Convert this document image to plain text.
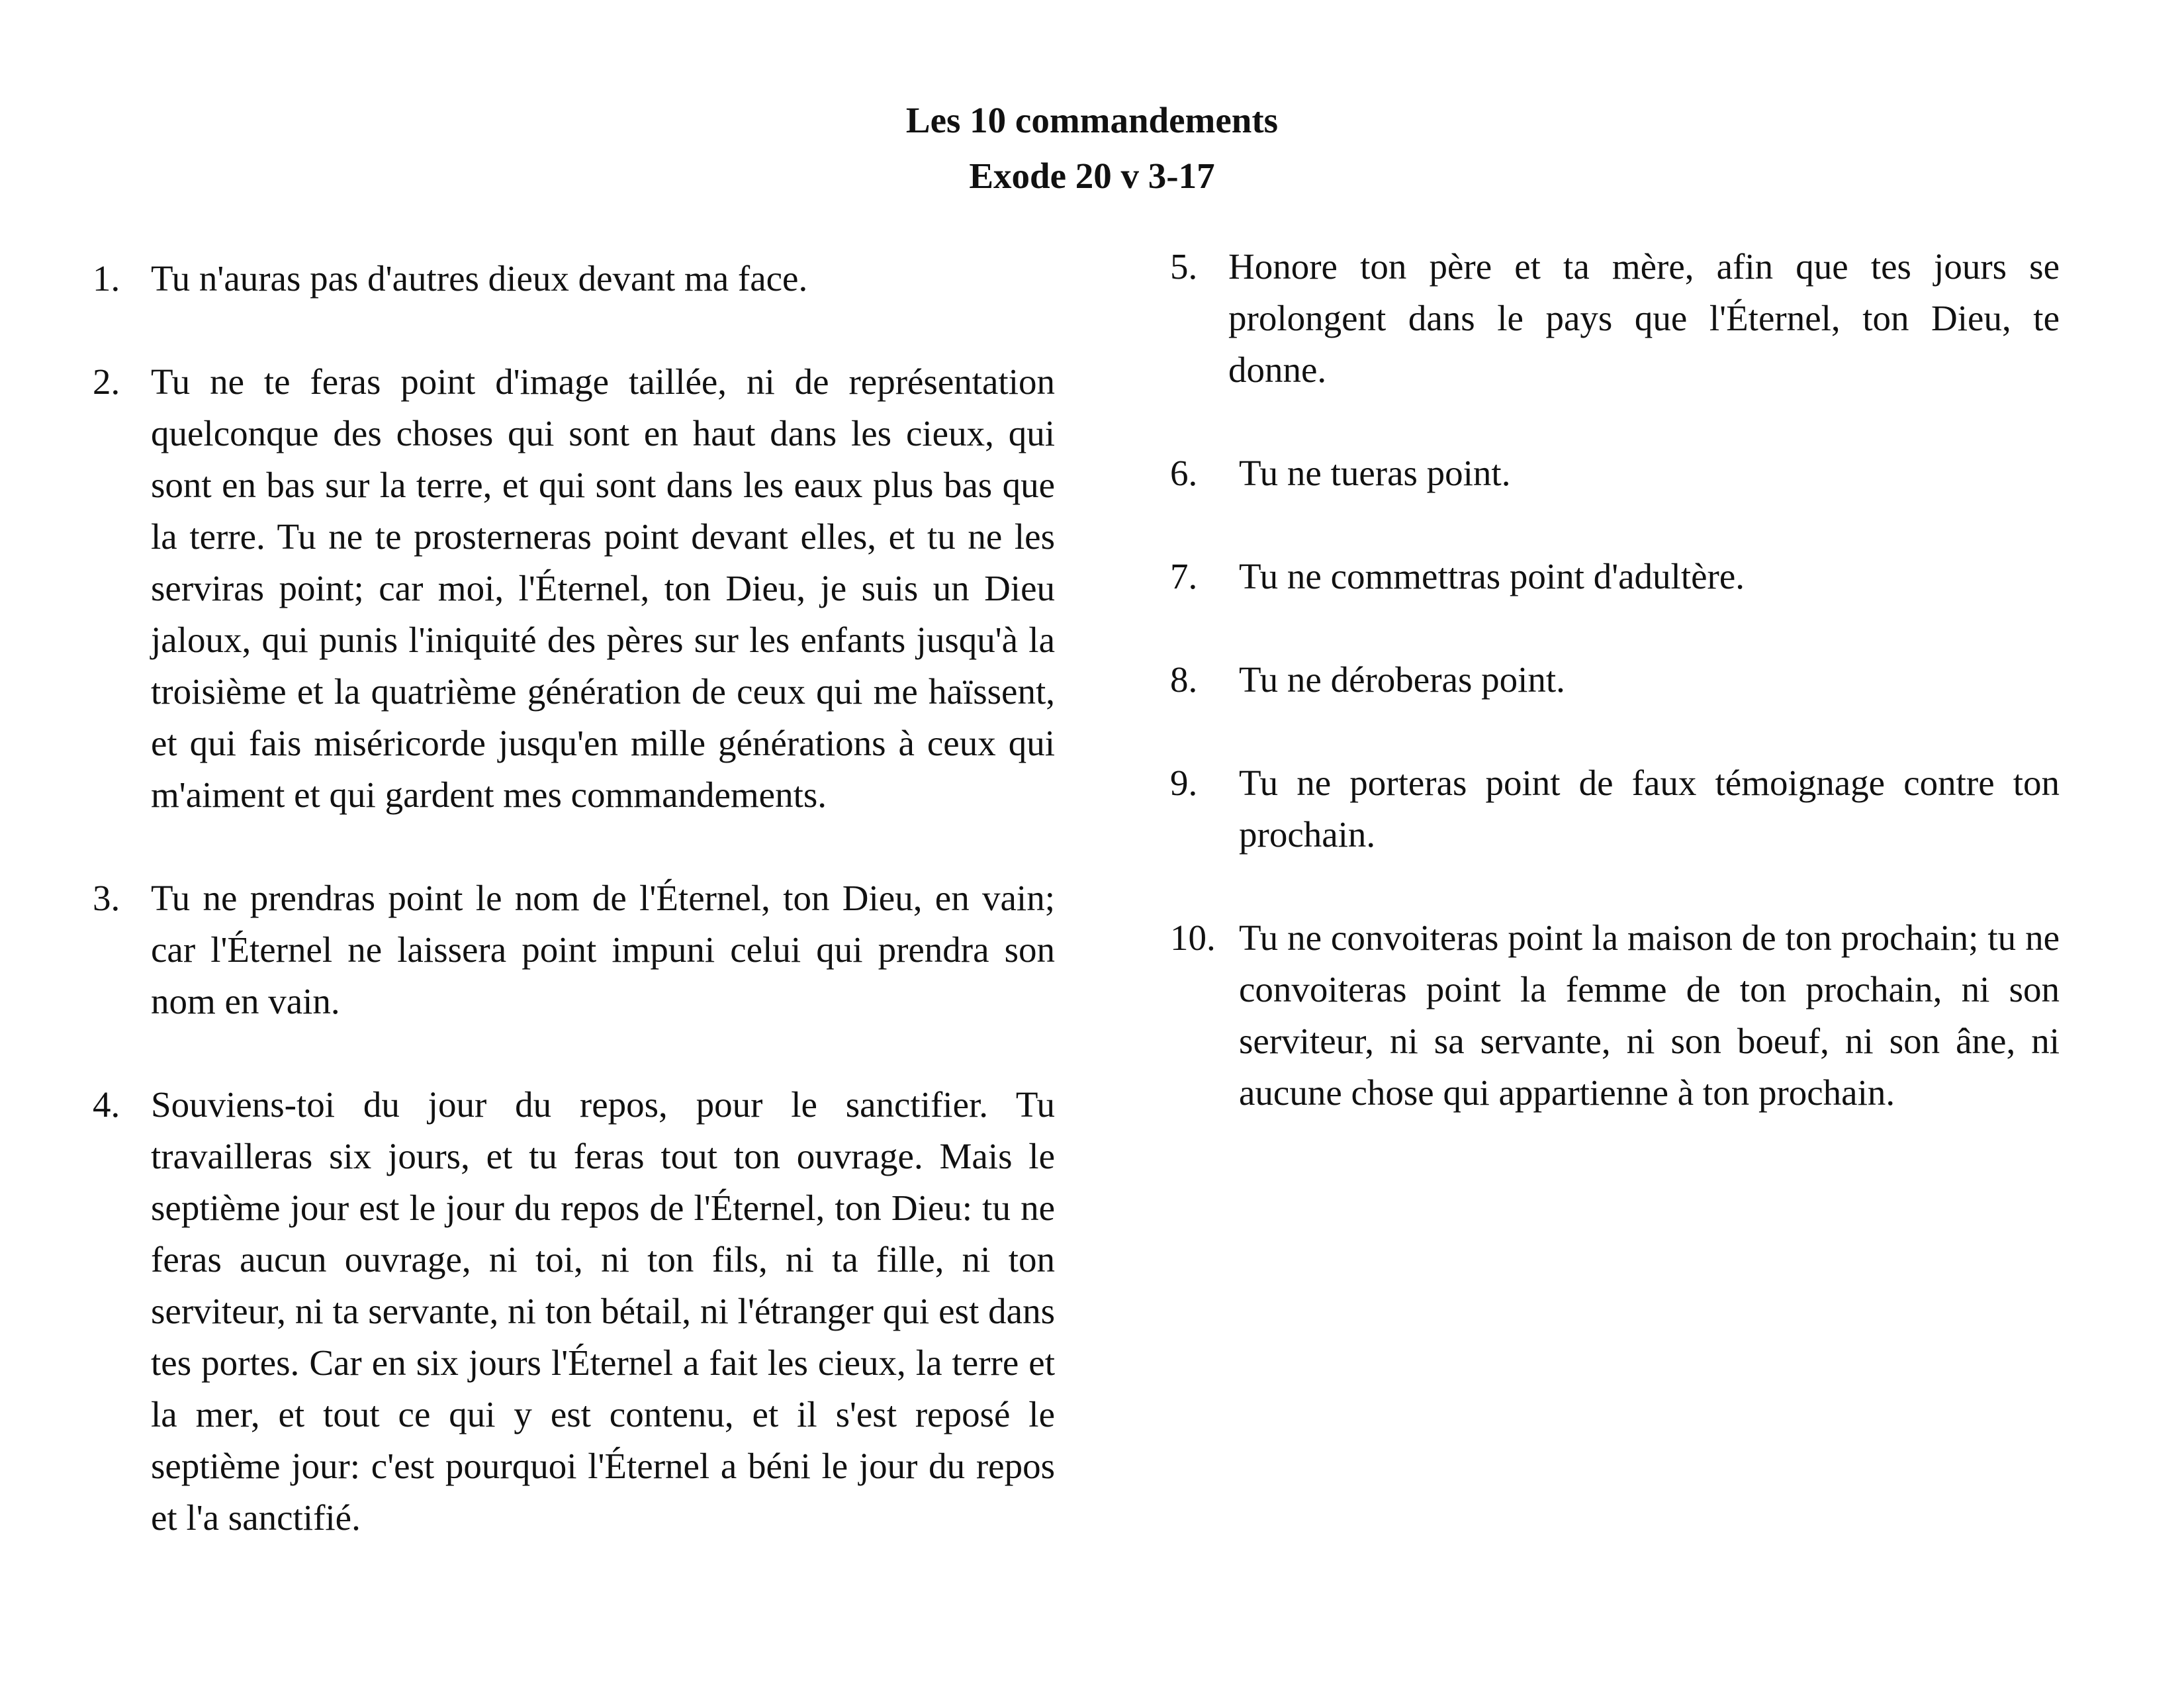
Les 10 commandements
Exode 20 v 3-17
1. Tu n'auras pas d'autres dieux devant ma face.
2. Tu ne te feras point d'image taillée, ni de représentation quelconque des choses qui sont en haut dans les cieux, qui sont en bas sur la terre, et qui sont dans les eaux plus bas que la terre. Tu ne te prosterneras point devant elles, et tu ne les serviras point; car moi, l'Éternel, ton Dieu, je suis un Dieu jaloux, qui punis l'iniquité des pères sur les enfants jusqu'à la troisième et la quatrième génération de ceux qui me haïssent, et qui fais miséricorde jusqu'en mille générations à ceux qui m'aiment et qui gardent mes commandements.
3. Tu ne prendras point le nom de l'Éternel, ton Dieu, en vain; car l'Éternel ne laissera point impuni celui qui prendra son nom en vain.
4. Souviens-toi du jour du repos, pour le sanctifier. Tu travailleras six jours, et tu feras tout ton ouvrage. Mais le septième jour est le jour du repos de l'Éternel, ton Dieu: tu ne feras aucun ouvrage, ni toi, ni ton fils, ni ta fille, ni ton serviteur, ni ta servante, ni ton bétail, ni l'étranger qui est dans tes portes. Car en six jours l'Éternel a fait les cieux, la terre et la mer, et tout ce qui y est contenu, et il s'est reposé le septième jour: c'est pourquoi l'Éternel a béni le jour du repos et l'a sanctifié.
5. Honore ton père et ta mère, afin que tes jours se prolongent dans le pays que l'Éternel, ton Dieu, te donne.
6.	Tu ne tueras point.
7.	Tu ne commettras point d'adultère.
8.	Tu ne déroberas point.
9.	Tu ne porteras point de faux témoignage contre ton prochain.
10. Tu ne convoiteras point la maison de ton prochain; tu ne convoiteras point la femme de ton prochain, ni son serviteur, ni sa servante, ni son boeuf, ni son âne, ni aucune chose qui appartienne à ton prochain.
